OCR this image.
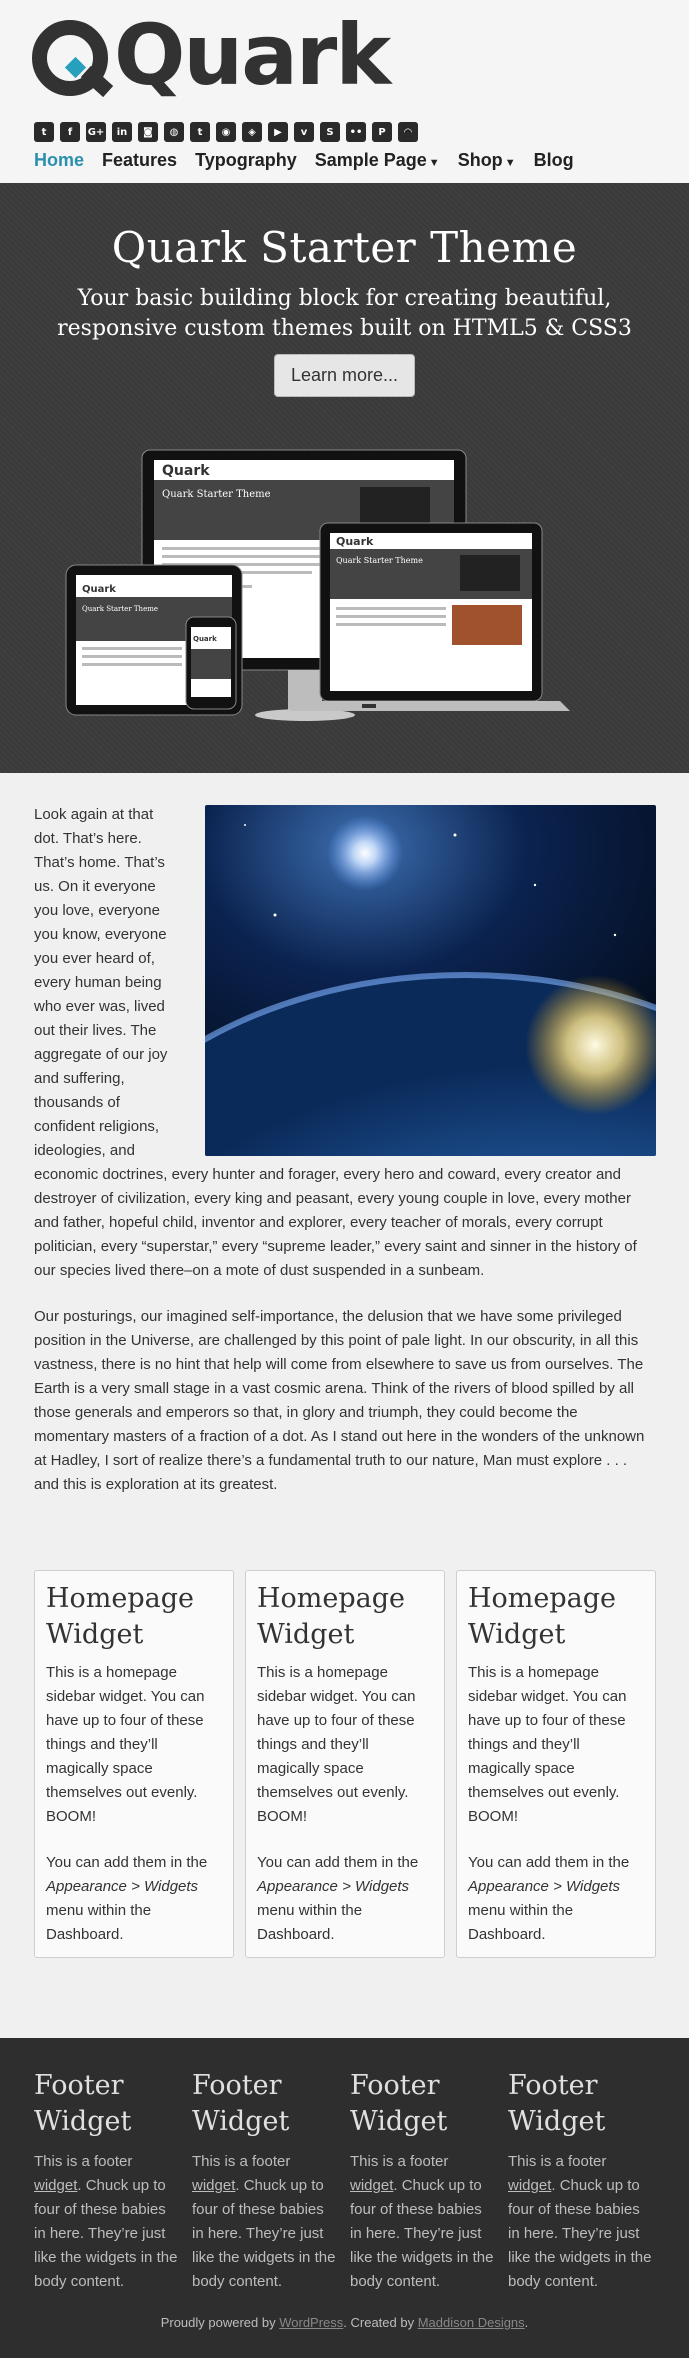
Quark
t	f	G+	in	◙	◍	t	◉	◈	▶	v	S	••	P	◠
Home Features Typography Sample Page ▼ Shop ▼ Blog
Quark Starter Theme

Your basic building block for creating beautiful, responsive custom themes built on HTML5 & CSS3

Learn more...
Quark
Quark Starter Theme
Quark
Quark Starter Theme
Quark
Quark Starter Theme
Quark

Look again at that dot. That’s here. That’s home. That’s us. On it everyone you love, everyone you know, everyone you ever heard of, every human being who ever was, lived out their lives. The aggregate of our joy and suffering, thousands of confident religions, ideologies, and economic doctrines, every hunter and forager, every hero and coward, every creator and destroyer of civilization, every king and peasant, every young couple in love, every mother and father, hopeful child, inventor and explorer, every teacher of morals, every corrupt politician, every “superstar,” every “supreme leader,” every saint and sinner in the history of our species lived there–on a mote of dust suspended in a sunbeam.

Our posturings, our imagined self-importance, the delusion that we have some privileged position in the Universe, are challenged by this point of pale light. In our obscurity, in all this vastness, there is no hint that help will come from elsewhere to save us from ourselves. The Earth is a very small stage in a vast cosmic arena. Think of the rivers of blood spilled by all those generals and emperors so that, in glory and triumph, they could become the momentary masters of a fraction of a dot. As I stand out here in the wonders of the unknown at Hadley, I sort of realize there’s a fundamental truth to our nature, Man must explore . . . and this is exploration at its greatest.

Homepage Widget

This is a homepage sidebar widget. You can have up to four of these things and they’ll magically space themselves out evenly. BOOM!

You can add them in the Appearance > Widgets menu within the Dashboard.

Homepage Widget

This is a homepage sidebar widget. You can have up to four of these things and they’ll magically space themselves out evenly. BOOM!

You can add them in the Appearance > Widgets menu within the Dashboard.

Homepage Widget

This is a homepage sidebar widget. You can have up to four of these things and they’ll magically space themselves out evenly. BOOM!

You can add them in the Appearance > Widgets menu within the Dashboard.

Footer Widget

This is a footer widget. Chuck up to four of these babies in here. They’re just like the widgets in the body content.

Footer Widget

This is a footer widget. Chuck up to four of these babies in here. They’re just like the widgets in the body content.

Footer Widget

This is a footer widget. Chuck up to four of these babies in here. They’re just like the widgets in the body content.

Footer Widget

This is a footer widget. Chuck up to four of these babies in here. They’re just like the widgets in the body content.

Proudly powered by WordPress. Created by Maddison Designs.
